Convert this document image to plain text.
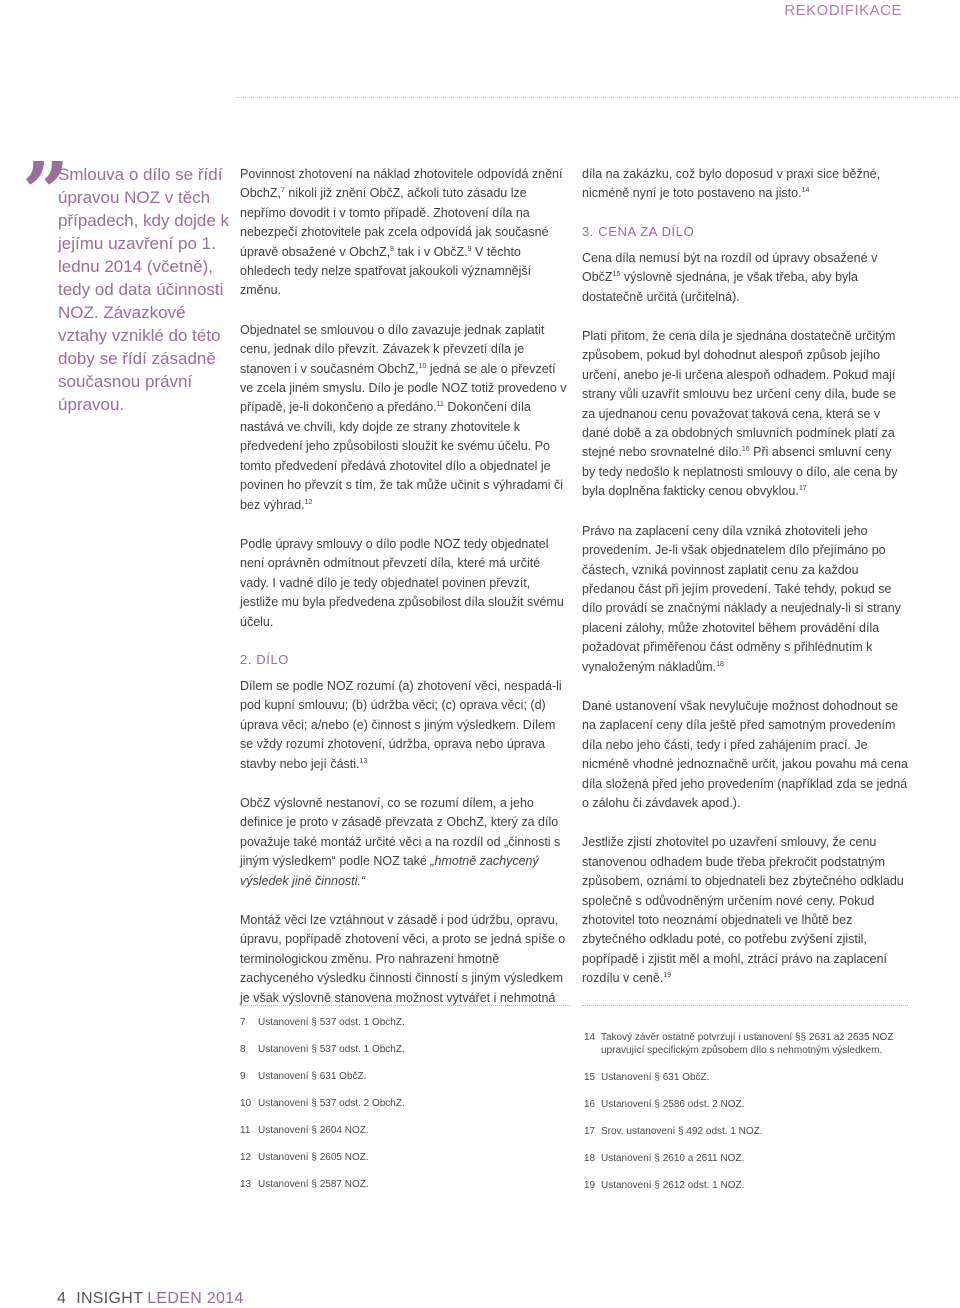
REKODIFIKACE
”

Smlouva o dílo se řídí úpravou NOZ v těch případech, kdy dojde k jejímu uzavření po 1. lednu 2014 (včetně), tedy od data účinnosti NOZ. Závazkové vztahy vzniklé do této doby se řídí zásadně současnou právní úpravou.

Povinnost zhotovení na náklad zhotovitele odpovídá znění ObchZ,$^7$ nikoli již znění ObčZ, ačkoli tuto zásadu lze nepřímo dovodit i v tomto případě. Zhotovení díla na nebezpečí zhotovitele pak zcela odpovídá jak současné úpravě obsažené v ObchZ,$^8$ tak i v ObčZ.$^9$ V těchto ohledech tedy nelze spatřovat jakoukoli významnější změnu.

Objednatel se smlouvou o dílo zavazuje jednak zaplatit cenu, jednak dílo převzít. Závazek k převzetí díla je stanoven i v současném ObchZ,$^{10}$ jedná se ale o převzetí ve zcela jiném smyslu. Dílo je podle NOZ totiž provedeno v případě, je-li dokončeno a předáno.$^{11}$ Dokončení díla nastává ve chvíli, kdy dojde ze strany zhotovitele k předvedení jeho způsobilosti sloužit ke svému účelu. Po tomto předvedení předává zhotovitel dílo a objednatel je povinen ho převzít s tím, že tak může učinit s výhradami či bez výhrad.$^{12}$

Podle úpravy smlouvy o dílo podle NOZ tedy objednatel není oprávněn odmítnout převzetí díla, které má určité vady. I vadné dílo je tedy objednatel povinen převzít, jestliže mu byla předvedena způsobilost díla sloužit svému účelu.

2. DÍLO

Dílem se podle NOZ rozumí (a) zhotovení věci, nespadá-li pod kupní smlouvu; (b) údržba věci; (c) oprava věci; (d) úprava věci; a/nebo (e) činnost s jiným výsledkem. Dílem se vždy rozumí zhotovení, údržba, oprava nebo úprava stavby nebo její části.$^{13}$

ObčZ výslovně nestanoví, co se rozumí dílem, a jeho definice je proto v zásadě převzata z ObchZ, který za dílo považuje také montáž určité věci a na rozdíl od „činnosti s jiným výsledkem“ podle NOZ také „hmotně zachycený výsledek jiné činnosti.“

Montáž věci lze vztáhnout v zásadě i pod údržbu, opravu, úpravu, popřípadě zhotovení věci, a proto se jedná spíše o terminologickou změnu. Pro nahrazení hmotně zachyceného výsledku činnosti činností s jiným výsledkem je však výslovně stanovena možnost vytvářet i nehmotná

díla na zakázku, což bylo doposud v praxi sice běžné, nicméně nyní je toto postaveno na jisto.$^{14}$

3. CENA ZA DÍLO

Cena díla nemusí být na rozdíl od úpravy obsažené v ObčZ$^{15}$ výslovně sjednána, je však třeba, aby byla dostatečně určitá (určitelná).

Platí přitom, že cena díla je sjednána dostatečně určitým způsobem, pokud byl dohodnut alespoň způsob jejího určení, anebo je-li určena alespoň odhadem. Pokud mají strany vůli uzavřít smlouvu bez určení ceny díla, bude se za ujednanou cenu považovat taková cena, která se v dané době a za obdobných smluvních podmínek platí za stejné nebo srovnatelné dílo.$^{16}$ Při absenci smluvní ceny by tedy nedošlo k neplatnosti smlouvy o dílo, ale cena by byla doplněna fakticky cenou obvyklou.$^{17}$

Právo na zaplacení ceny díla vzniká zhotoviteli jeho provedením. Je-li však objednatelem dílo přejímáno po částech, vzniká povinnost zaplatit cenu za každou předanou část při jejím provedení. Také tehdy, pokud se dílo provádí se značnými náklady a neujednaly-li si strany placení zálohy, může zhotovitel během provádění díla požadovat přiměřenou část odměny s přihlédnutím k vynaloženým nákladům.$^{18}$

Dané ustanovení však nevylučuje možnost dohodnout se na zaplacení ceny díla ještě před samotným provedením díla nebo jeho části, tedy i před zahájením prací. Je nicméně vhodné jednoznačně určit, jakou povahu má cena díla složená před jeho provedením (například zda se jedná o zálohu či závdavek apod.).

Jestliže zjistí zhotovitel po uzavření smlouvy, že cenu stanovenou odhadem bude třeba překročit podstatným způsobem, oznámí to objednateli bez zbytečného odkladu společně s odůvodněným určením nové ceny. Pokud zhotovitel toto neoznámí objednateli ve lhůtě bez zbytečného odkladu poté, co potřebu zvýšení zjistil, popřípadě i zjistit měl a mohl, ztrácí právo na zaplacení rozdílu v ceně.$^{19}$

7	Ustanovení § 537 odst. 1 ObchZ.
8	Ustanovení § 537 odst. 1 ObchZ.
9	Ustanovení § 631 ObčZ.
10 Ustanovení § 537 odst. 2 ObchZ.
11 Ustanovení § 2604 NOZ.
12 Ustanovení § 2605 NOZ.
13 Ustanovení § 2587 NOZ.
14 Takový závěr ostatně potvrzují i ustanovení §§ 2631 až 2635 NOZ upravující specifickým způsobem dílo s nehmotným výsledkem.
15 Ustanovení § 631 ObčZ.
16 Ustanovení § 2586 odst. 2 NOZ.
17 Srov. ustanovení § 492 odst. 1 NOZ.
18 Ustanovení § 2610 a 2611 NOZ.
19 Ustanovení § 2612 odst. 1 NOZ.
4 INSIGHT LEDEN 2014
